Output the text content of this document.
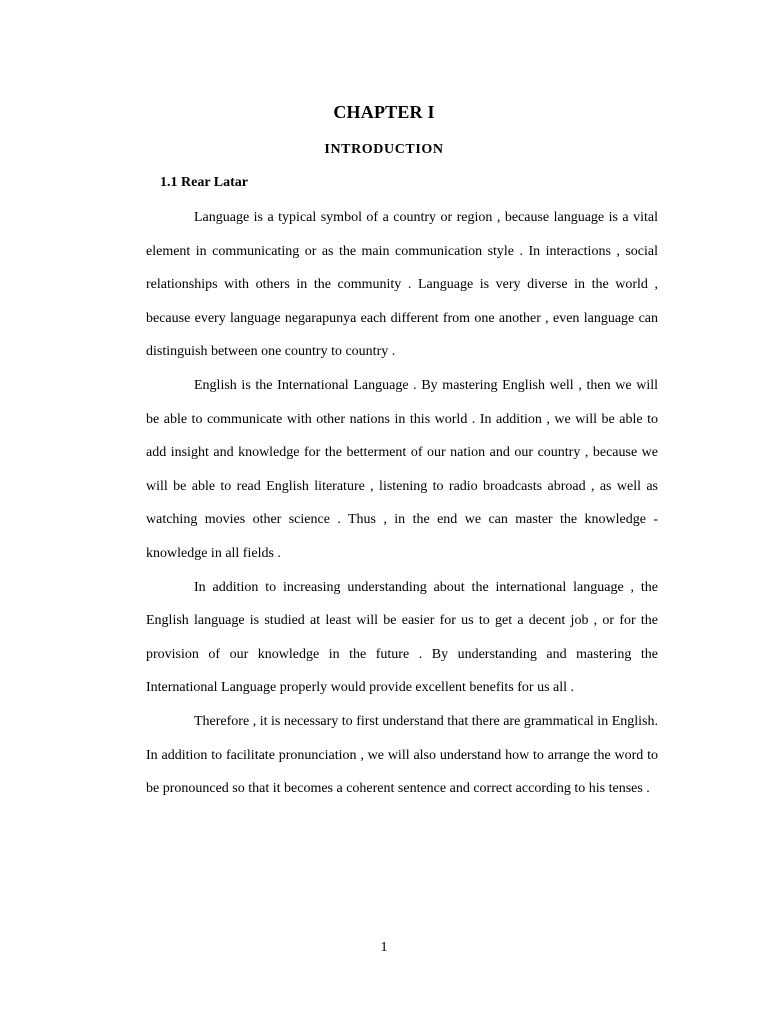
CHAPTER I
INTRODUCTION
1.1 Rear Latar

Language is a typical symbol of a country or region , because language is a vital element in communicating or as the main communication style . In interactions , social relationships with others in the community . Language is very diverse in the world , because every language negarapunya each different from one another , even language can distinguish between one country to country .

English is the International Language . By mastering English well , then we will be able to communicate with other nations in this world . In addition , we will be able to add insight and knowledge for the betterment of our nation and our country , because we will be able to read English literature , listening to radio broadcasts abroad , as well as watching movies other science . Thus , in the end we can master the knowledge - knowledge in all fields .

In addition to increasing understanding about the international language , the English language is studied at least will be easier for us to get a decent job , or for the provision of our knowledge in the future . By understanding and mastering the International Language properly would provide excellent benefits for us all .

Therefore , it is necessary to first understand that there are grammatical in English. In addition to facilitate pronunciation , we will also understand how to arrange the word to be pronounced so that it becomes a coherent sentence and correct according to his tenses .

1
